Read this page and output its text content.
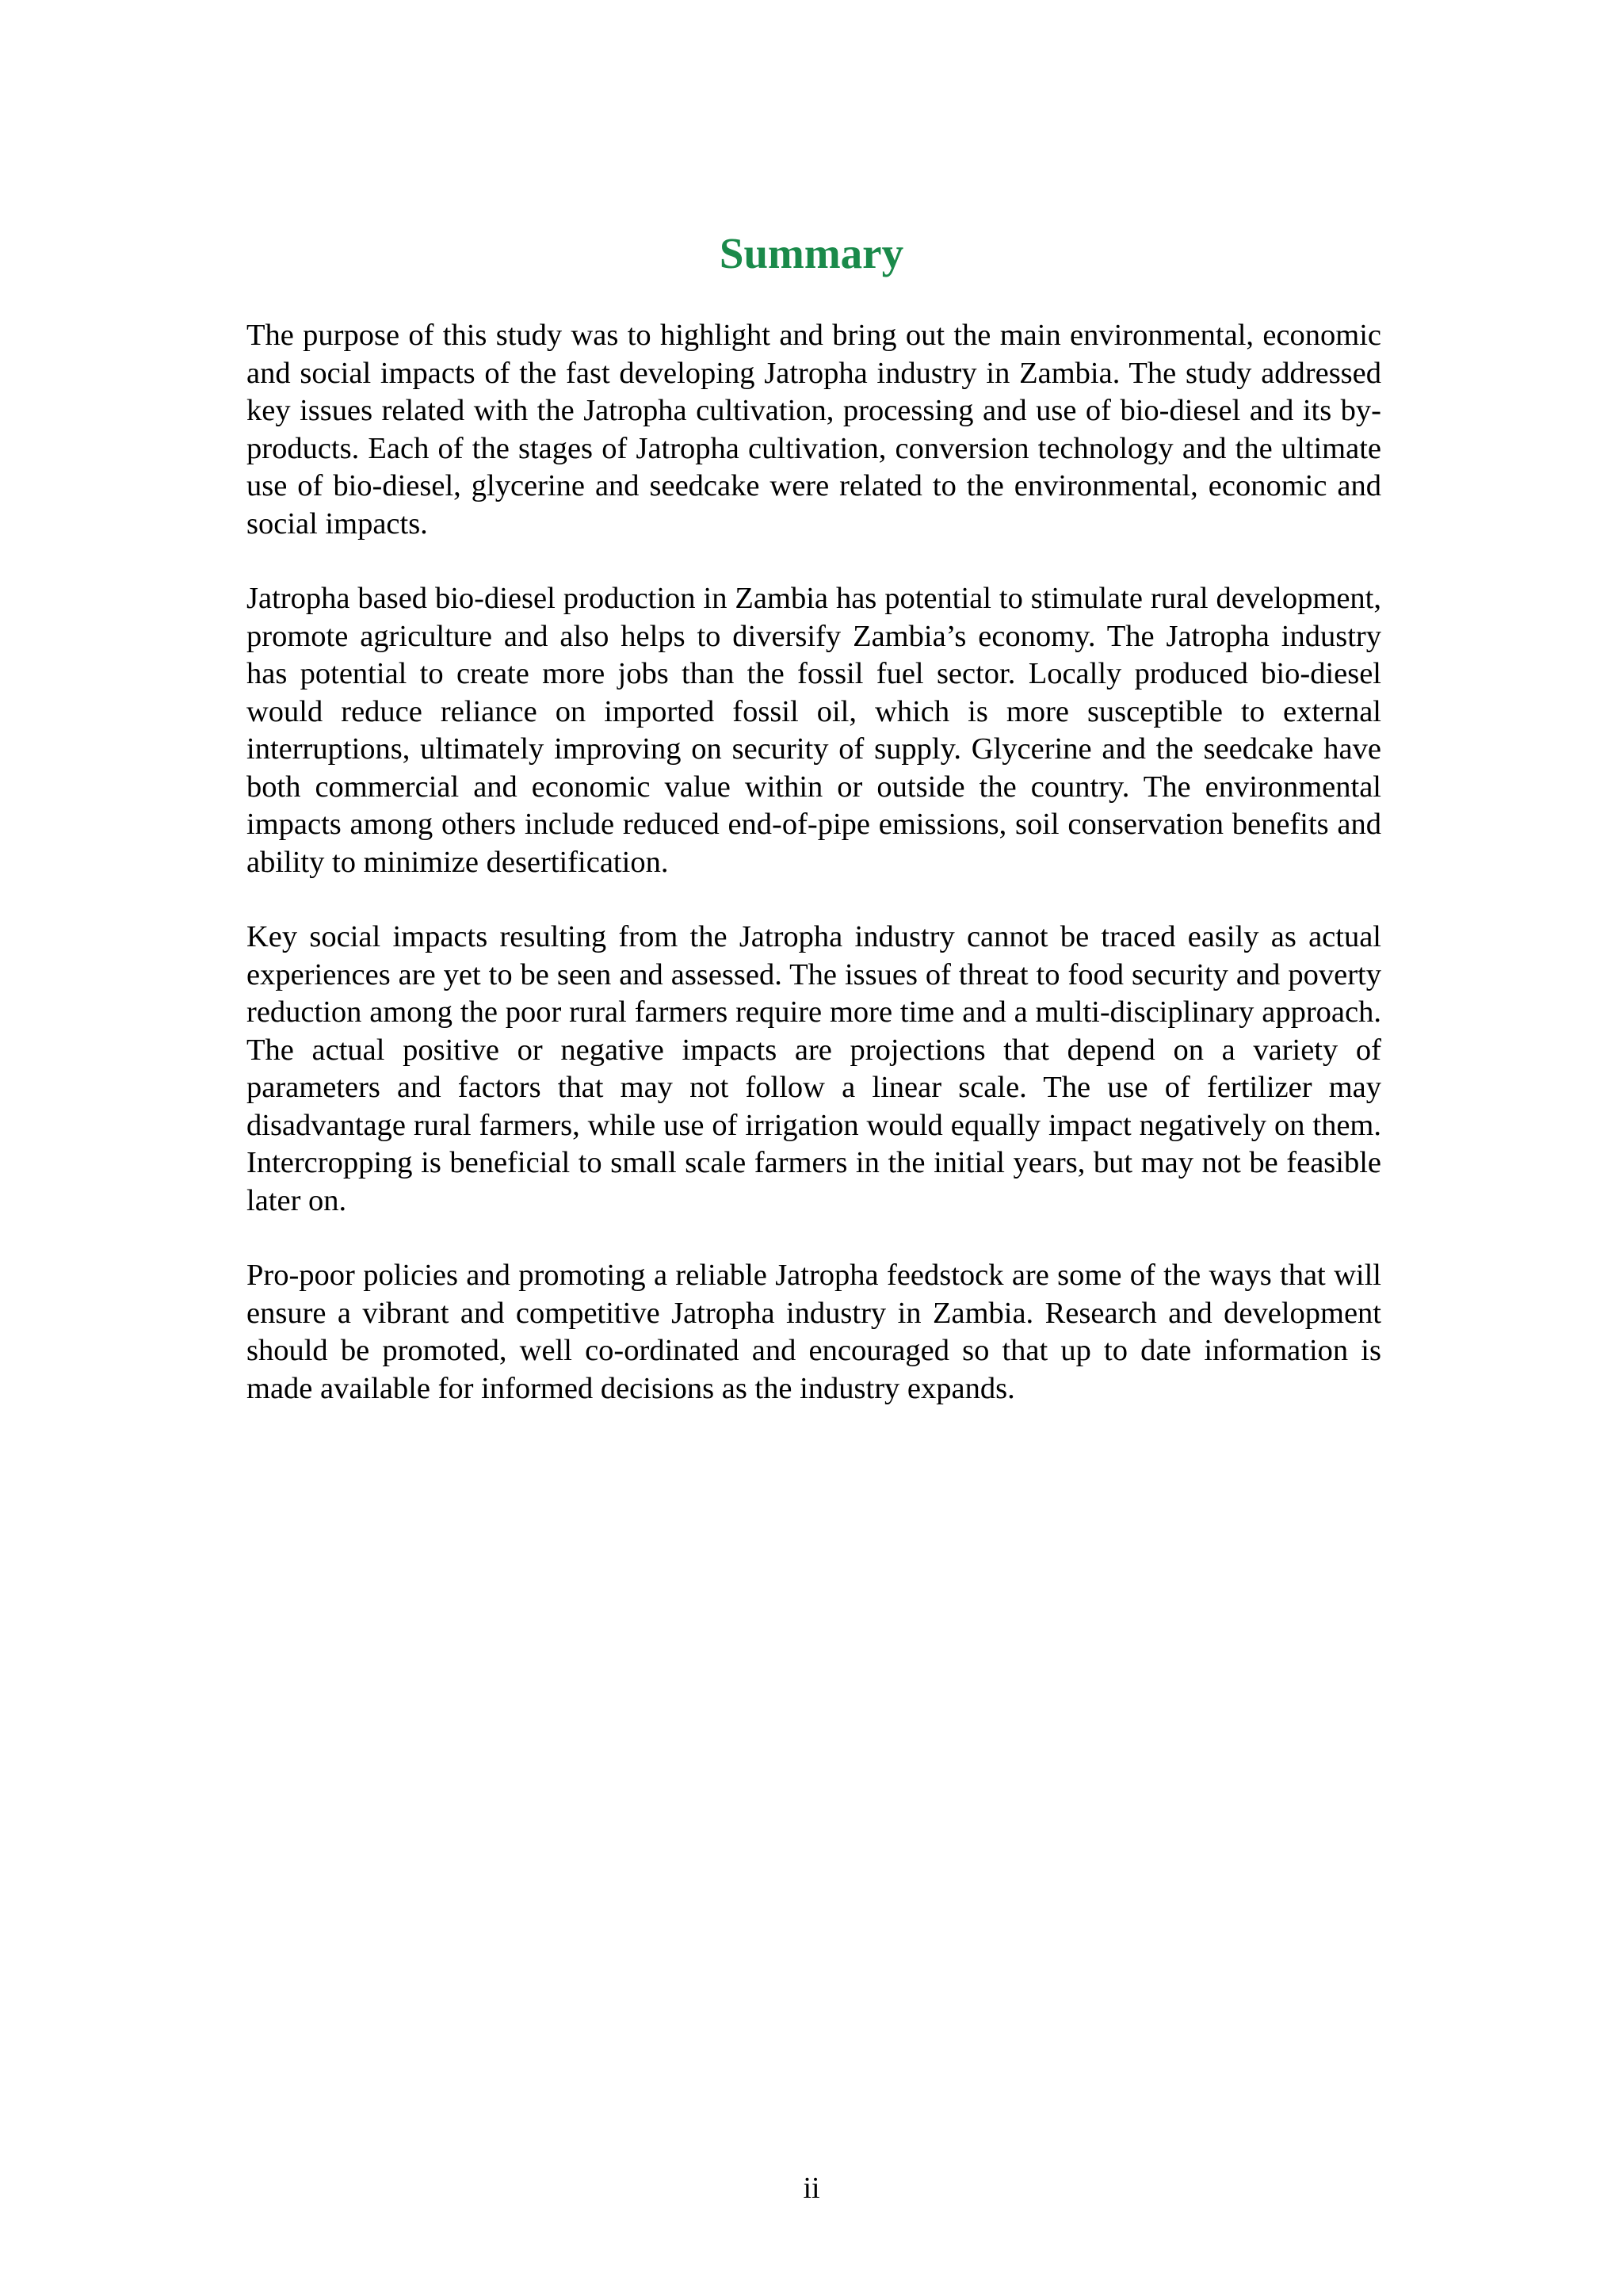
Summary

The purpose of this study was to highlight and bring out the main environmental, economic and social impacts of the fast developing Jatropha industry in Zambia. The study addressed key issues related with the Jatropha cultivation, processing and use of bio-diesel and its by-products. Each of the stages of Jatropha cultivation, conversion technology and the ultimate use of bio-diesel, glycerine and seedcake were related to the environmental, economic and social impacts.

Jatropha based bio-diesel production in Zambia has potential to stimulate rural development, promote agriculture and also helps to diversify Zambia’s economy. The Jatropha industry has potential to create more jobs than the fossil fuel sector. Locally produced bio-diesel would reduce reliance on imported fossil oil, which is more susceptible to external interruptions, ultimately improving on security of supply. Glycerine and the seedcake have both commercial and economic value within or outside the country. The environmental impacts among others include reduced end-of-pipe emissions, soil conservation benefits and ability to minimize desertification.

Key social impacts resulting from the Jatropha industry cannot be traced easily as actual experiences are yet to be seen and assessed. The issues of threat to food security and poverty reduction among the poor rural farmers require more time and a multi-disciplinary approach. The actual positive or negative impacts are projections that depend on a variety of parameters and factors that may not follow a linear scale. The use of fertilizer may disadvantage rural farmers, while use of irrigation would equally impact negatively on them. Intercropping is beneficial to small scale farmers in the initial years, but may not be feasible later on.

Pro-poor policies and promoting a reliable Jatropha feedstock are some of the ways that will ensure a vibrant and competitive Jatropha industry in Zambia. Research and development should be promoted, well co-ordinated and encouraged so that up to date information is made available for informed decisions as the industry expands.

ii
